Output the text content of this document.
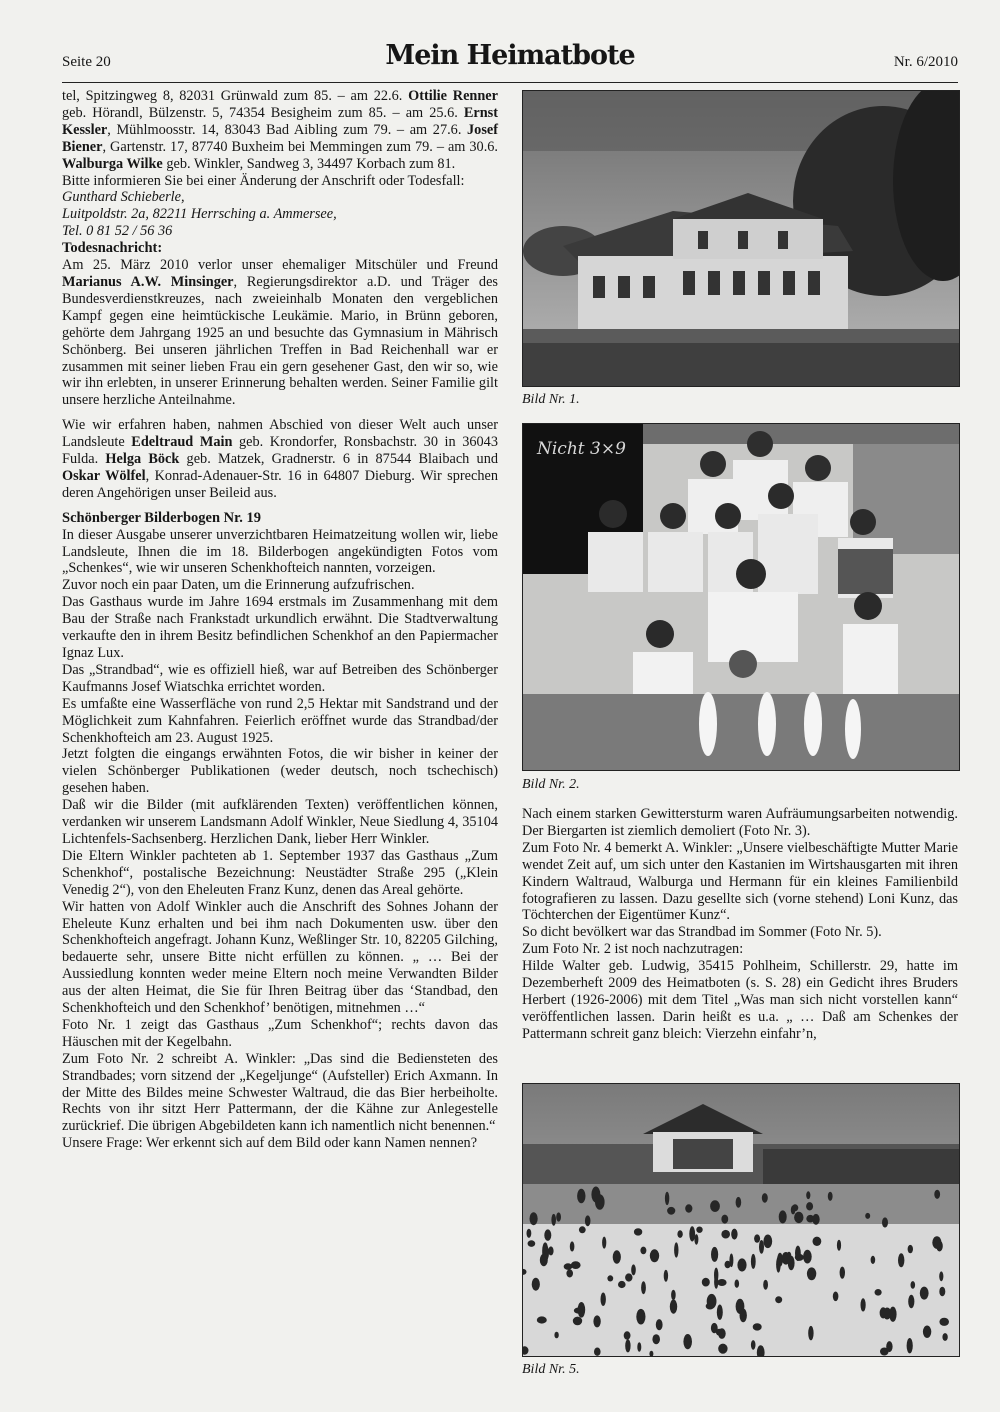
Seite 20	Mein Heimatbote	Nr. 6/2010

tel, Spitzingweg 8, 82031 Grünwald zum 85. – am 22.6. Ottilie Renner geb. Hörandl, Bülzenstr. 5, 74354 Besigheim zum 85. – am 25.6. Ernst Kessler, Mühlmoosstr. 14, 83043 Bad Aibling zum 79. – am 27.6. Josef Biener, Gartenstr. 17, 87740 Buxheim bei Memmingen zum 79. – am 30.6. Walburga Wilke geb. Winkler, Sandweg 3, 34497 Korbach zum 81.

Bitte informieren Sie bei einer Änderung der Anschrift oder Todesfall:

Gunthard Schieberle,

Luitpoldstr. 2a, 82211 Herrsching a. Ammersee,

Tel. 0 81 52 / 56 36

Todesnachricht:

Am 25. März 2010 verlor unser ehemaliger Mitschüler und Freund Marianus A.W. Minsinger, Regierungsdirektor a.D. und Träger des Bundesverdienstkreuzes, nach zweieinhalb Monaten den vergeblichen Kampf gegen eine heimtückische Leukämie. Mario, in Brünn geboren, gehörte dem Jahrgang 1925 an und besuchte das Gymnasium in Mährisch Schönberg. Bei unseren jährlichen Treffen in Bad Reichenhall war er zusammen mit seiner lieben Frau ein gern gesehener Gast, den wir so, wie wir ihn erlebten, in unserer Erinnerung behalten werden. Seiner Familie gilt unsere herzliche Anteilnahme.

Wie wir erfahren haben, nahmen Abschied von dieser Welt auch unser Landsleute Edeltraud Main geb. Krondorfer, Ronsbachstr. 30 in 36043 Fulda. Helga Böck geb. Matzek, Gradnerstr. 6 in 87544 Blaibach und Oskar Wölfel, Konrad-Adenauer-Str. 16 in 64807 Dieburg. Wir sprechen deren Angehörigen unser Beileid aus.

Schönberger Bilderbogen Nr. 19

In dieser Ausgabe unserer unverzichtbaren Heimatzeitung wollen wir, liebe Landsleute, Ihnen die im 18. Bilderbogen angekündigten Fotos vom „Schenkes“, wie wir unseren Schenkhofteich nannten, vorzeigen.

Zuvor noch ein paar Daten, um die Erinnerung aufzufrischen.

Das Gasthaus wurde im Jahre 1694 erstmals im Zusammenhang mit dem Bau der Straße nach Frankstadt urkundlich erwähnt. Die Stadtverwaltung verkaufte den in ihrem Besitz befindlichen Schenkhof an den Papiermacher Ignaz Lux.

Das „Strandbad“, wie es offiziell hieß, war auf Betreiben des Schönberger Kaufmanns Josef Wiatschka errichtet worden.

Es umfaßte eine Wasserfläche von rund 2,5 Hektar mit Sandstrand und der Möglichkeit zum Kahnfahren. Feierlich eröffnet wurde das Strandbad/der Schenkhofteich am 23. August 1925.

Jetzt folgten die eingangs erwähnten Fotos, die wir bisher in keiner der vielen Schönberger Publikationen (weder deutsch, noch tschechisch) gesehen haben.

Daß wir die Bilder (mit aufklärenden Texten) veröffentlichen können, verdanken wir unserem Landsmann Adolf Winkler, Neue Siedlung 4, 35104 Lichtenfels-Sachsenberg. Herzlichen Dank, lieber Herr Winkler.

Die Eltern Winkler pachteten ab 1. September 1937 das Gasthaus „Zum Schenkhof“, postalische Bezeichnung: Neustädter Straße 295 („Klein Venedig 2“), von den Eheleuten Franz Kunz, denen das Areal gehörte.

Wir hatten von Adolf Winkler auch die Anschrift des Sohnes Johann der Eheleute Kunz erhalten und bei ihm nach Dokumenten usw. über den Schenkhofteich angefragt. Johann Kunz, Weßlinger Str. 10, 82205 Gilching, bedauerte sehr, unsere Bitte nicht erfüllen zu können. „ … Bei der Aussiedlung konnten weder meine Eltern noch meine Verwandten Bilder aus der alten Heimat, die Sie für Ihren Beitrag über das ‘Standbad, den Schenkhofteich und den Schenkhof’ benötigen, mitnehmen …“

Foto Nr. 1 zeigt das Gasthaus „Zum Schenkhof“; rechts davon das Häuschen mit der Kegelbahn.

Zum Foto Nr. 2 schreibt A. Winkler: „Das sind die Bediensteten des Strandbades; vorn sitzend der „Kegeljunge“ (Aufsteller) Erich Axmann. In der Mitte des Bildes meine Schwester Waltraud, die das Bier herbeiholte. Rechts von ihr sitzt Herr Pattermann, der die Kähne zur Anlegestelle zurückrief. Die übrigen Abgebildeten kann ich namentlich nicht benennen.“

Unsere Frage: Wer erkennt sich auf dem Bild oder kann Namen nennen?

Bild Nr. 1.
Nicht 3×9
Bild Nr. 2.

Nach einem starken Gewittersturm waren Aufräumungsarbeiten notwendig. Der Biergarten ist ziemlich demoliert (Foto Nr. 3).

Zum Foto Nr. 4 bemerkt A. Winkler: „Unsere vielbeschäftigte Mutter Marie wendet Zeit auf, um sich unter den Kastanien im Wirtshausgarten mit ihren Kindern Waltraud, Walburga und Hermann für ein kleines Familienbild fotografieren zu lassen. Dazu gesellte sich (vorne stehend) Loni Kunz, das Töchterchen der Eigentümer Kunz“.

So dicht bevölkert war das Strandbad im Sommer (Foto Nr. 5).

Zum Foto Nr. 2 ist noch nachzutragen:

Hilde Walter geb. Ludwig, 35415 Pohlheim, Schillerstr. 29, hatte im Dezemberheft 2009 des Heimatboten (s. S. 28) ein Gedicht ihres Bruders Herbert (1926-2006) mit dem Titel „Was man sich nicht vorstellen kann“ veröffentlichen lassen. Darin heißt es u.a. „ … Daß am Schenkes der Pattermann schreit ganz bleich: Vierzehn einfahr’n,

Bild Nr. 5.
